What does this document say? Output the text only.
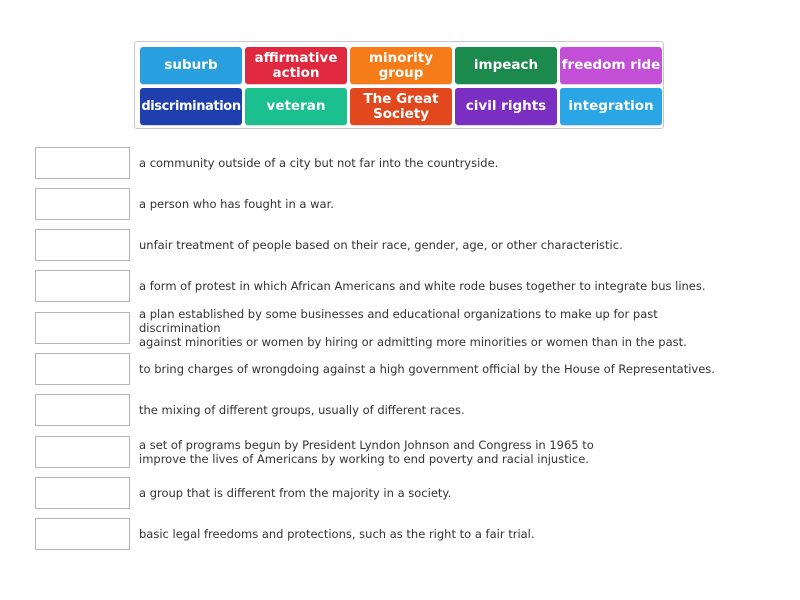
suburb	affirmative action
minority group	impeach	freedom ride
discrimination	veteran	The Great Society	civil rights	integration
a community outside of a city but not far into the countryside.
a person who has fought in a war.
unfair treatment of people based on their race, gender, age, or other characteristic.
a form of protest in which African Americans and white rode buses together to integrate bus lines.
a plan established by some businesses and educational organizations to make up for past discrimination
against minorities or women by hiring or admitting more minorities or women than in the past.
to bring charges of wrongdoing against a high government official by the House of Representatives.
the mixing of different groups, usually of different races.
a set of programs begun by President Lyndon Johnson and Congress in 1965 to
improve the lives of Americans by working to end poverty and racial injustice.
a group that is different from the majority in a society.
basic legal freedoms and protections, such as the right to a fair trial.
